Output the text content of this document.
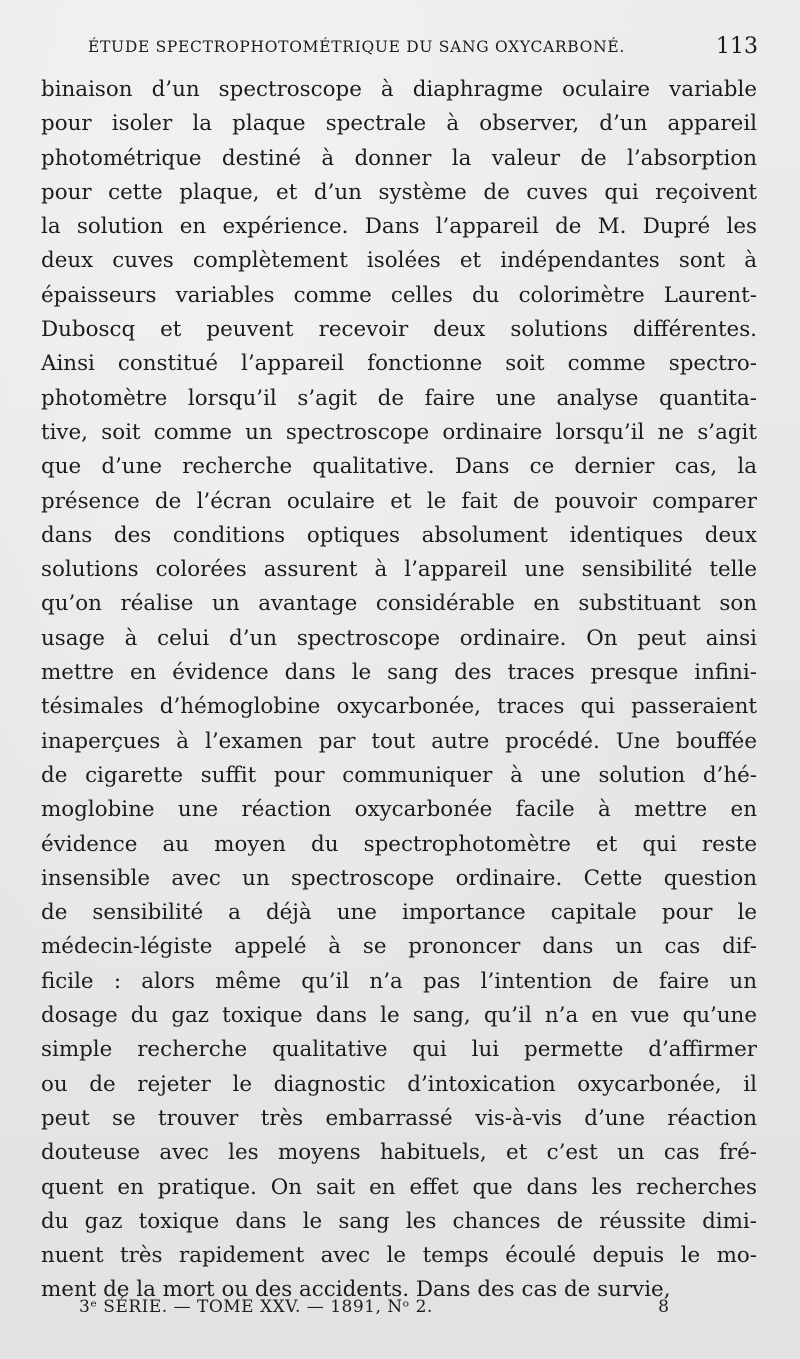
ÉTUDE SPECTROPHOTOMÉTRIQUE DU SANG OXYCARBONÉ.	113
binaison d’un spectroscope à diaphragme oculaire variable
pour isoler la plaque spectrale à observer, d’un appareil
photométrique destiné à donner la valeur de l’absorption
pour cette plaque, et d’un système de cuves qui reçoivent
la solution en expérience. Dans l’appareil de M. Dupré les
deux cuves complètement isolées et indépendantes sont à
épaisseurs variables comme celles du colorimètre Laurent-
Duboscq et peuvent recevoir deux solutions différentes.
Ainsi constitué l’appareil fonctionne soit comme spectro-
photomètre lorsqu’il s’agit de faire une analyse quantita-
tive, soit comme un spectroscope ordinaire lorsqu’il ne s’agit
que d’une recherche qualitative. Dans ce dernier cas, la
présence de l’écran oculaire et le fait de pouvoir comparer
dans des conditions optiques absolument identiques deux
solutions colorées assurent à l’appareil une sensibilité telle
qu’on réalise un avantage considérable en substituant son
usage à celui d’un spectroscope ordinaire. On peut ainsi
mettre en évidence dans le sang des traces presque infini-
tésimales d’hémoglobine oxycarbonée, traces qui passeraient
inaperçues à l’examen par tout autre procédé. Une bouffée
de cigarette suffit pour communiquer à une solution d’hé-
moglobine une réaction oxycarbonée facile à mettre en
évidence au moyen du spectrophotomètre et qui reste
insensible avec un spectroscope ordinaire. Cette question
de sensibilité a déjà une importance capitale pour le
médecin-légiste appelé à se prononcer dans un cas dif-
ficile : alors même qu’il n’a pas l’intention de faire un
dosage du gaz toxique dans le sang, qu’il n’a en vue qu’une
simple recherche qualitative qui lui permette d’affirmer
ou de rejeter le diagnostic d’intoxication oxycarbonée, il
peut se trouver très embarrassé vis-à-vis d’une réaction
douteuse avec les moyens habituels, et c’est un cas fré-
quent en pratique. On sait en effet que dans les recherches
du gaz toxique dans le sang les chances de réussite dimi-
nuent très rapidement avec le temps écoulé depuis le mo-
ment de la mort ou des accidents. Dans des cas de survie,
3ᵉ SÉRIE. — TOME XXV. — 1891, Nᵒ 2.	8
